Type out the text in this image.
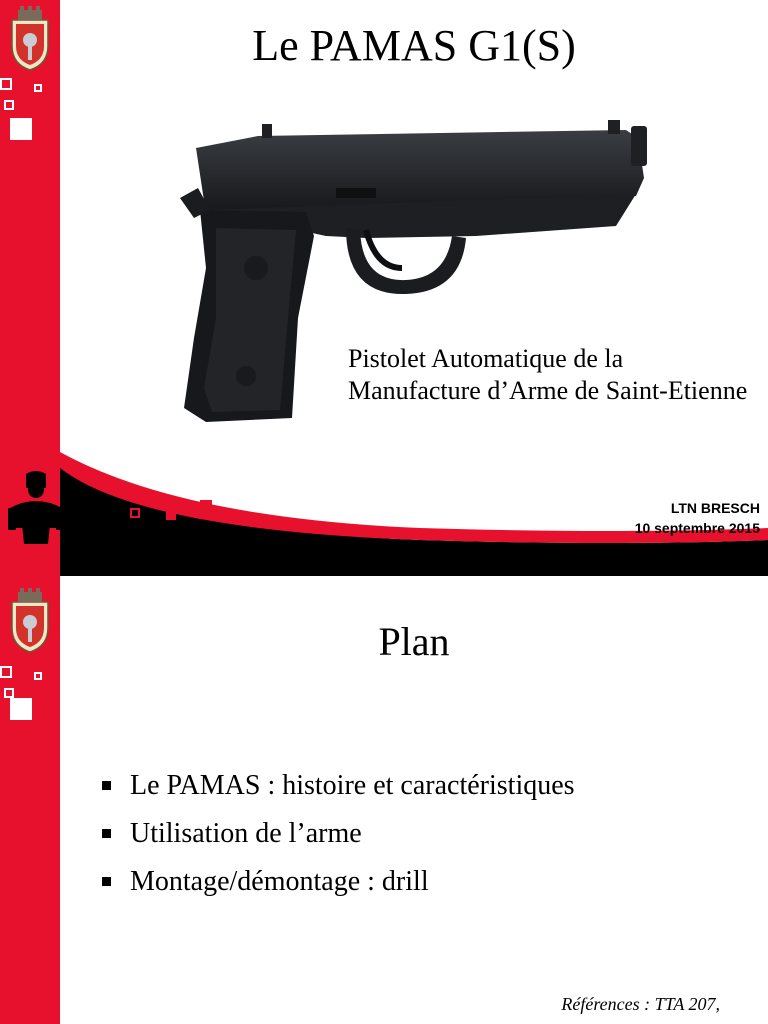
Le PAMAS G1(S)
Pistolet Automatique de la Manufacture d’Arme de Saint-Etienne
LTN BRESCH
10 septembre 2015
Plan
Le PAMAS : histoire et caractéristiques
Utilisation de l’arme
Montage/démontage : drill
Références : TTA 207,
